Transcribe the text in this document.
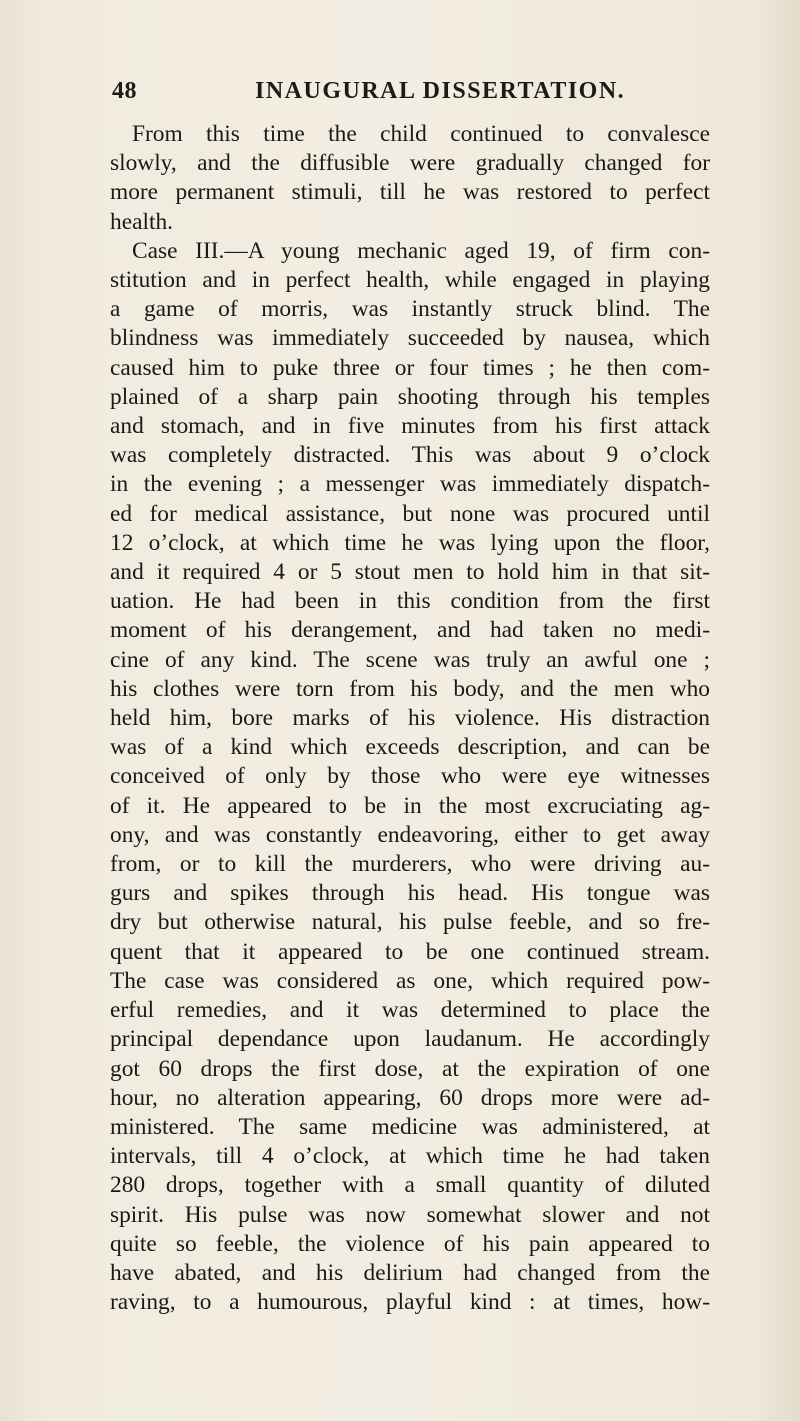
48	INAUGURAL DISSERTATION.
From this time the child continued to convalesce
slowly, and the diffusible were gradually changed for
more permanent stimuli, till he was restored to perfect
health.
Case III.—A young mechanic aged 19, of firm con-
stitution and in perfect health, while engaged in playing
a game of morris, was instantly struck blind. The
blindness was immediately succeeded by nausea, which
caused him to puke three or four times ; he then com-
plained of a sharp pain shooting through his temples
and stomach, and in five minutes from his first attack
was completely distracted. This was about 9 o’clock
in the evening ; a messenger was immediately dispatch-
ed for medical assistance, but none was procured until
12 o’clock, at which time he was lying upon the floor,
and it required 4 or 5 stout men to hold him in that sit-
uation. He had been in this condition from the first
moment of his derangement, and had taken no medi-
cine of any kind. The scene was truly an awful one ;
his clothes were torn from his body, and the men who
held him, bore marks of his violence. His distraction
was of a kind which exceeds description, and can be
conceived of only by those who were eye witnesses
of it. He appeared to be in the most excruciating ag-
ony, and was constantly endeavoring, either to get away
from, or to kill the murderers, who were driving au-
gurs and spikes through his head. His tongue was
dry but otherwise natural, his pulse feeble, and so fre-
quent that it appeared to be one continued stream.
The case was considered as one, which required pow-
erful remedies, and it was determined to place the
principal dependance upon laudanum. He accordingly
got 60 drops the first dose, at the expiration of one
hour, no alteration appearing, 60 drops more were ad-
ministered. The same medicine was administered, at
intervals, till 4 o’clock, at which time he had taken
280 drops, together with a small quantity of diluted
spirit. His pulse was now somewhat slower and not
quite so feeble, the violence of his pain appeared to
have abated, and his delirium had changed from the
raving, to a humourous, playful kind : at times, how-
